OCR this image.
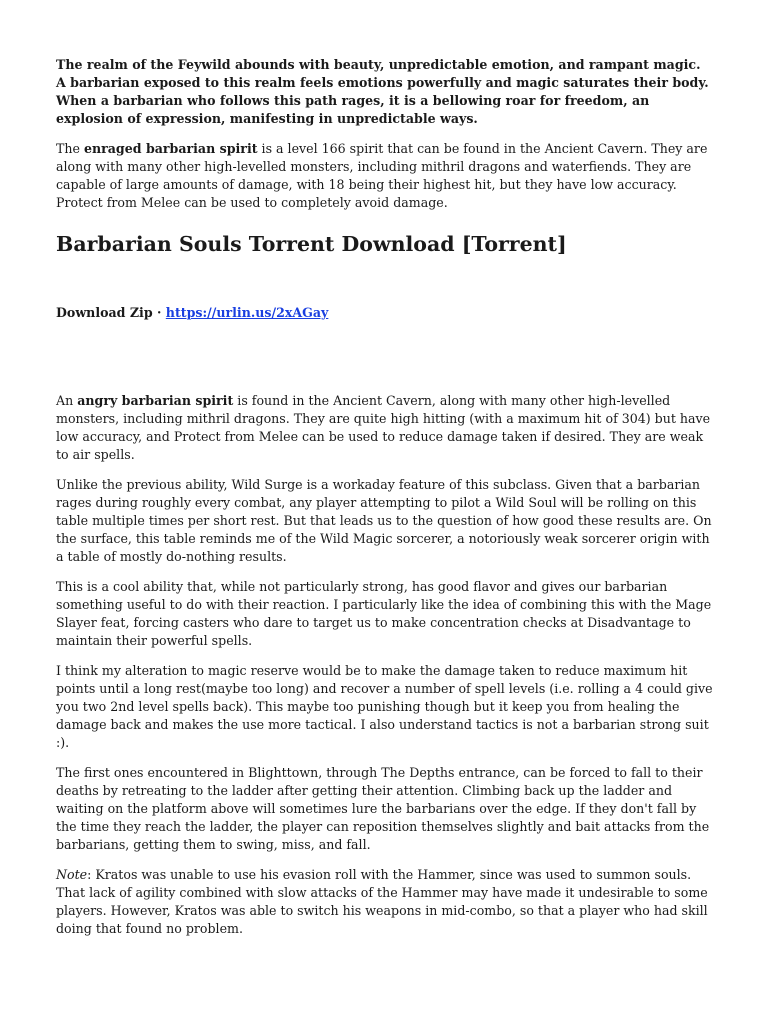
The realm of the Feywild abounds with beauty, unpredictable emotion, and rampant magic. A barbarian exposed to this realm feels emotions powerfully and magic saturates their body. When a barbarian who follows this path rages, it is a bellowing roar for freedom, an explosion of expression, manifesting in unpredictable ways.

The enraged barbarian spirit is a level 166 spirit that can be found in the Ancient Cavern. They are along with many other high-levelled monsters, including mithril dragons and waterfiends. They are capable of large amounts of damage, with 18 being their highest hit, but they have low accuracy. Protect from Melee can be used to completely avoid damage.

Barbarian Souls Torrent Download [Torrent]

Download Zip · https://urlin.us/2xAGay

An angry barbarian spirit is found in the Ancient Cavern, along with many other high-levelled monsters, including mithril dragons. They are quite high hitting (with a maximum hit of 304) but have low accuracy, and Protect from Melee can be used to reduce damage taken if desired. They are weak to air spells.

Unlike the previous ability, Wild Surge is a workaday feature of this subclass. Given that a barbarian rages during roughly every combat, any player attempting to pilot a Wild Soul will be rolling on this table multiple times per short rest. But that leads us to the question of how good these results are. On the surface, this table reminds me of the Wild Magic sorcerer, a notoriously weak sorcerer origin with a table of mostly do-nothing results.

This is a cool ability that, while not particularly strong, has good flavor and gives our barbarian something useful to do with their reaction. I particularly like the idea of combining this with the Mage Slayer feat, forcing casters who dare to target us to make concentration checks at Disadvantage to maintain their powerful spells.

I think my alteration to magic reserve would be to make the damage taken to reduce maximum hit points until a long rest(maybe too long) and recover a number of spell levels (i.e. rolling a 4 could give you two 2nd level spells back). This maybe too punishing though but it keep you from healing the damage back and makes the use more tactical. I also understand tactics is not a barbarian strong suit :).

The first ones encountered in Blighttown, through The Depths entrance, can be forced to fall to their deaths by retreating to the ladder after getting their attention. Climbing back up the ladder and waiting on the platform above will sometimes lure the barbarians over the edge. If they don't fall by the time they reach the ladder, the player can reposition themselves slightly and bait attacks from the barbarians, getting them to swing, miss, and fall.

Note: Kratos was unable to use his evasion roll with the Hammer, since was used to summon souls. That lack of agility combined with slow attacks of the Hammer may have made it undesirable to some players. However, Kratos was able to switch his weapons in mid-combo, so that a player who had skill doing that found no problem.
